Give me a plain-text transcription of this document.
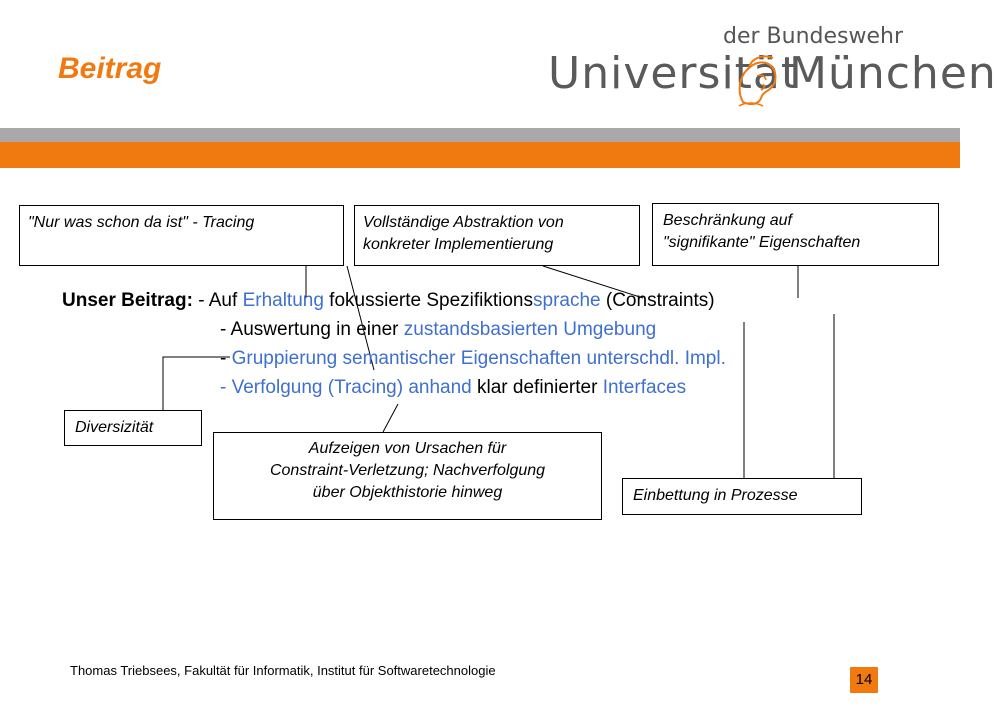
Beitrag
der Bundeswehr
Universität
München
"Nur was schon da ist" - Tracing	Vollständige Abstraktion von
konkreter Implementierung
Beschränkung auf
"signifikante" Eigenschaften
Unser Beitrag: - Auf Erhaltung fokussierte Spezifiktionssprache (Constraints)
- Auswertung in einer zustandsbasierten Umgebung
- Gruppierung semantischer Eigenschaften unterschdl. Impl.
- Verfolgung (Tracing) anhand klar definierter Interfaces
Diversizität
Aufzeigen von Ursachen für
Constraint-Verletzung; Nachverfolgung
über Objekthistorie hinweg	Einbettung in Prozesse
Thomas Triebsees, Fakultät für Informatik, Institut für Softwaretechnologie
14
